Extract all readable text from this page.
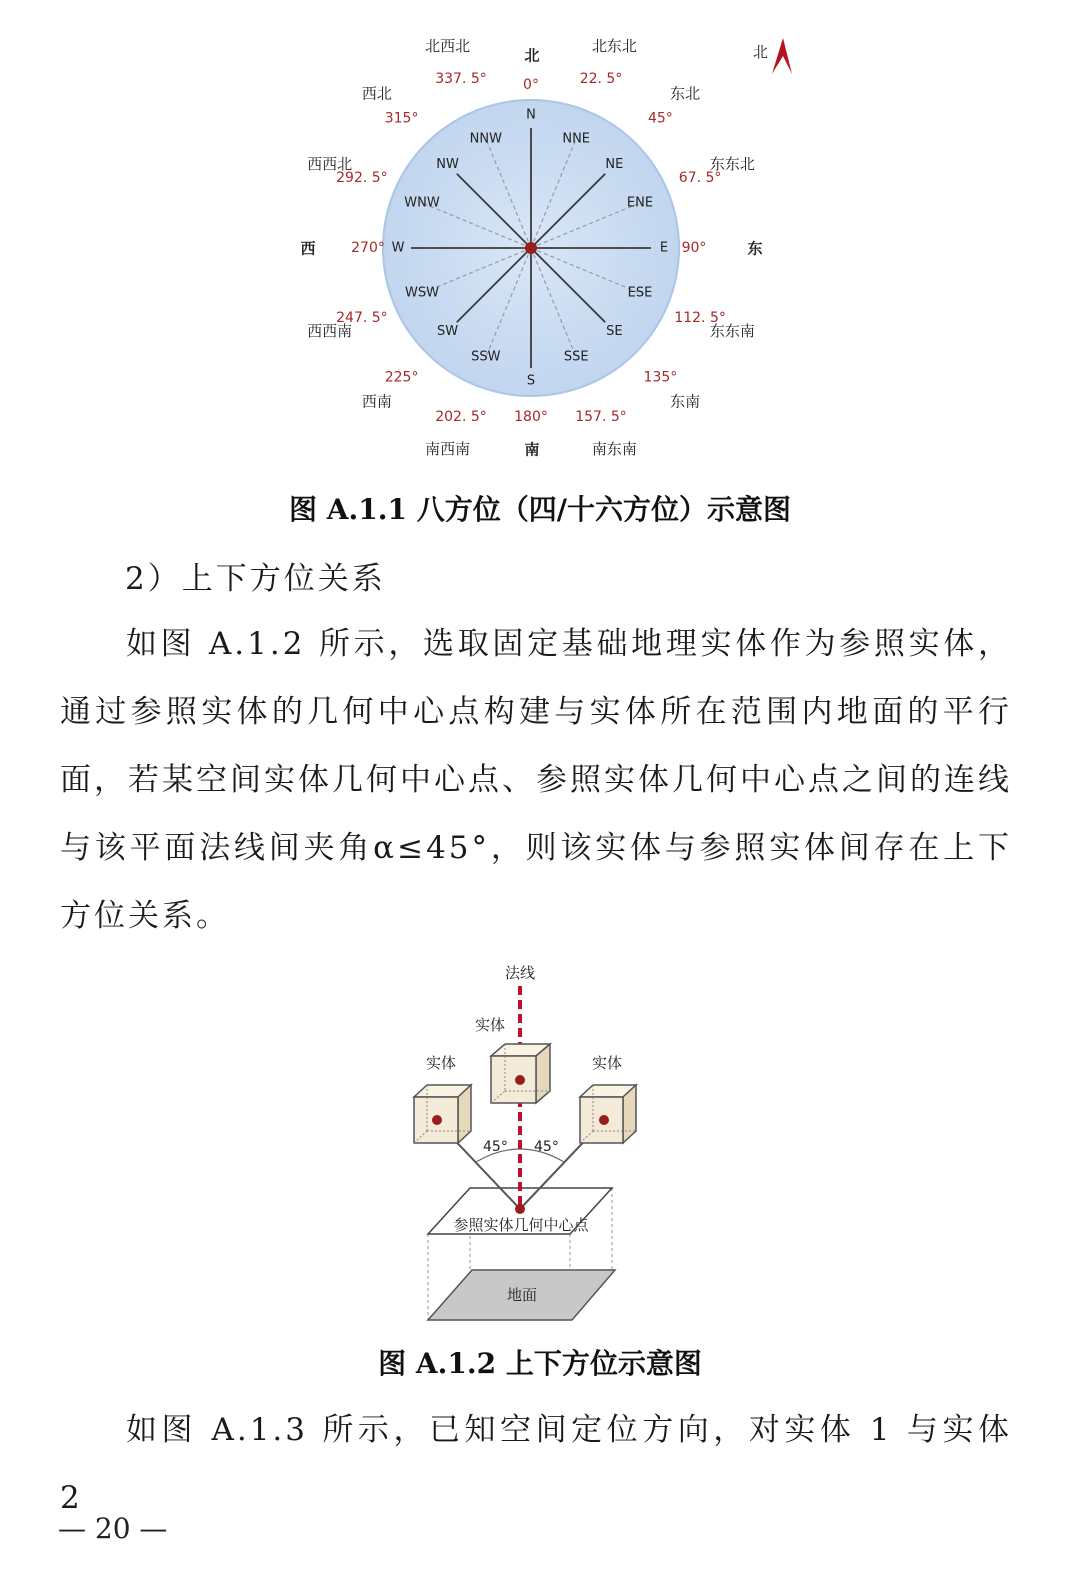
N
0°
北
NNE
22. 5°
北东北
NE
45°
东北
ENE
67. 5°
东东北
E 90°	东
ESE
112. 5°
东东南
SE
135°
东南
SSE
157. 5°
南东南
S
180°
南
SSW
202. 5°
南西南
SW
225°
西南
WSW
247. 5°
西西南
W
270°
西
WNW
292. 5°
西西北	NW
315°
西北
NNW
337. 5°
北西北	北
图 A.1.1 八方位（四/十六方位）示意图
2）上下方位关系
如图 A.1.2 所示，选取固定基础地理实体作为参照实体，通过参照实体的几何中心点构建与实体所在范围内地面的平行面，若某空间实体几何中心点、参照实体几何中心点之间的连线与该平面法线间夹角α≤45°，则该实体与参照实体间存在上下方位关系。
地面
参照实体几何中心点
45° 45°
法线
实体
实体	实体
图 A.1.2 上下方位示意图
如图 A.1.3 所示，已知空间定位方向，对实体 1 与实体 2
— 20 —
